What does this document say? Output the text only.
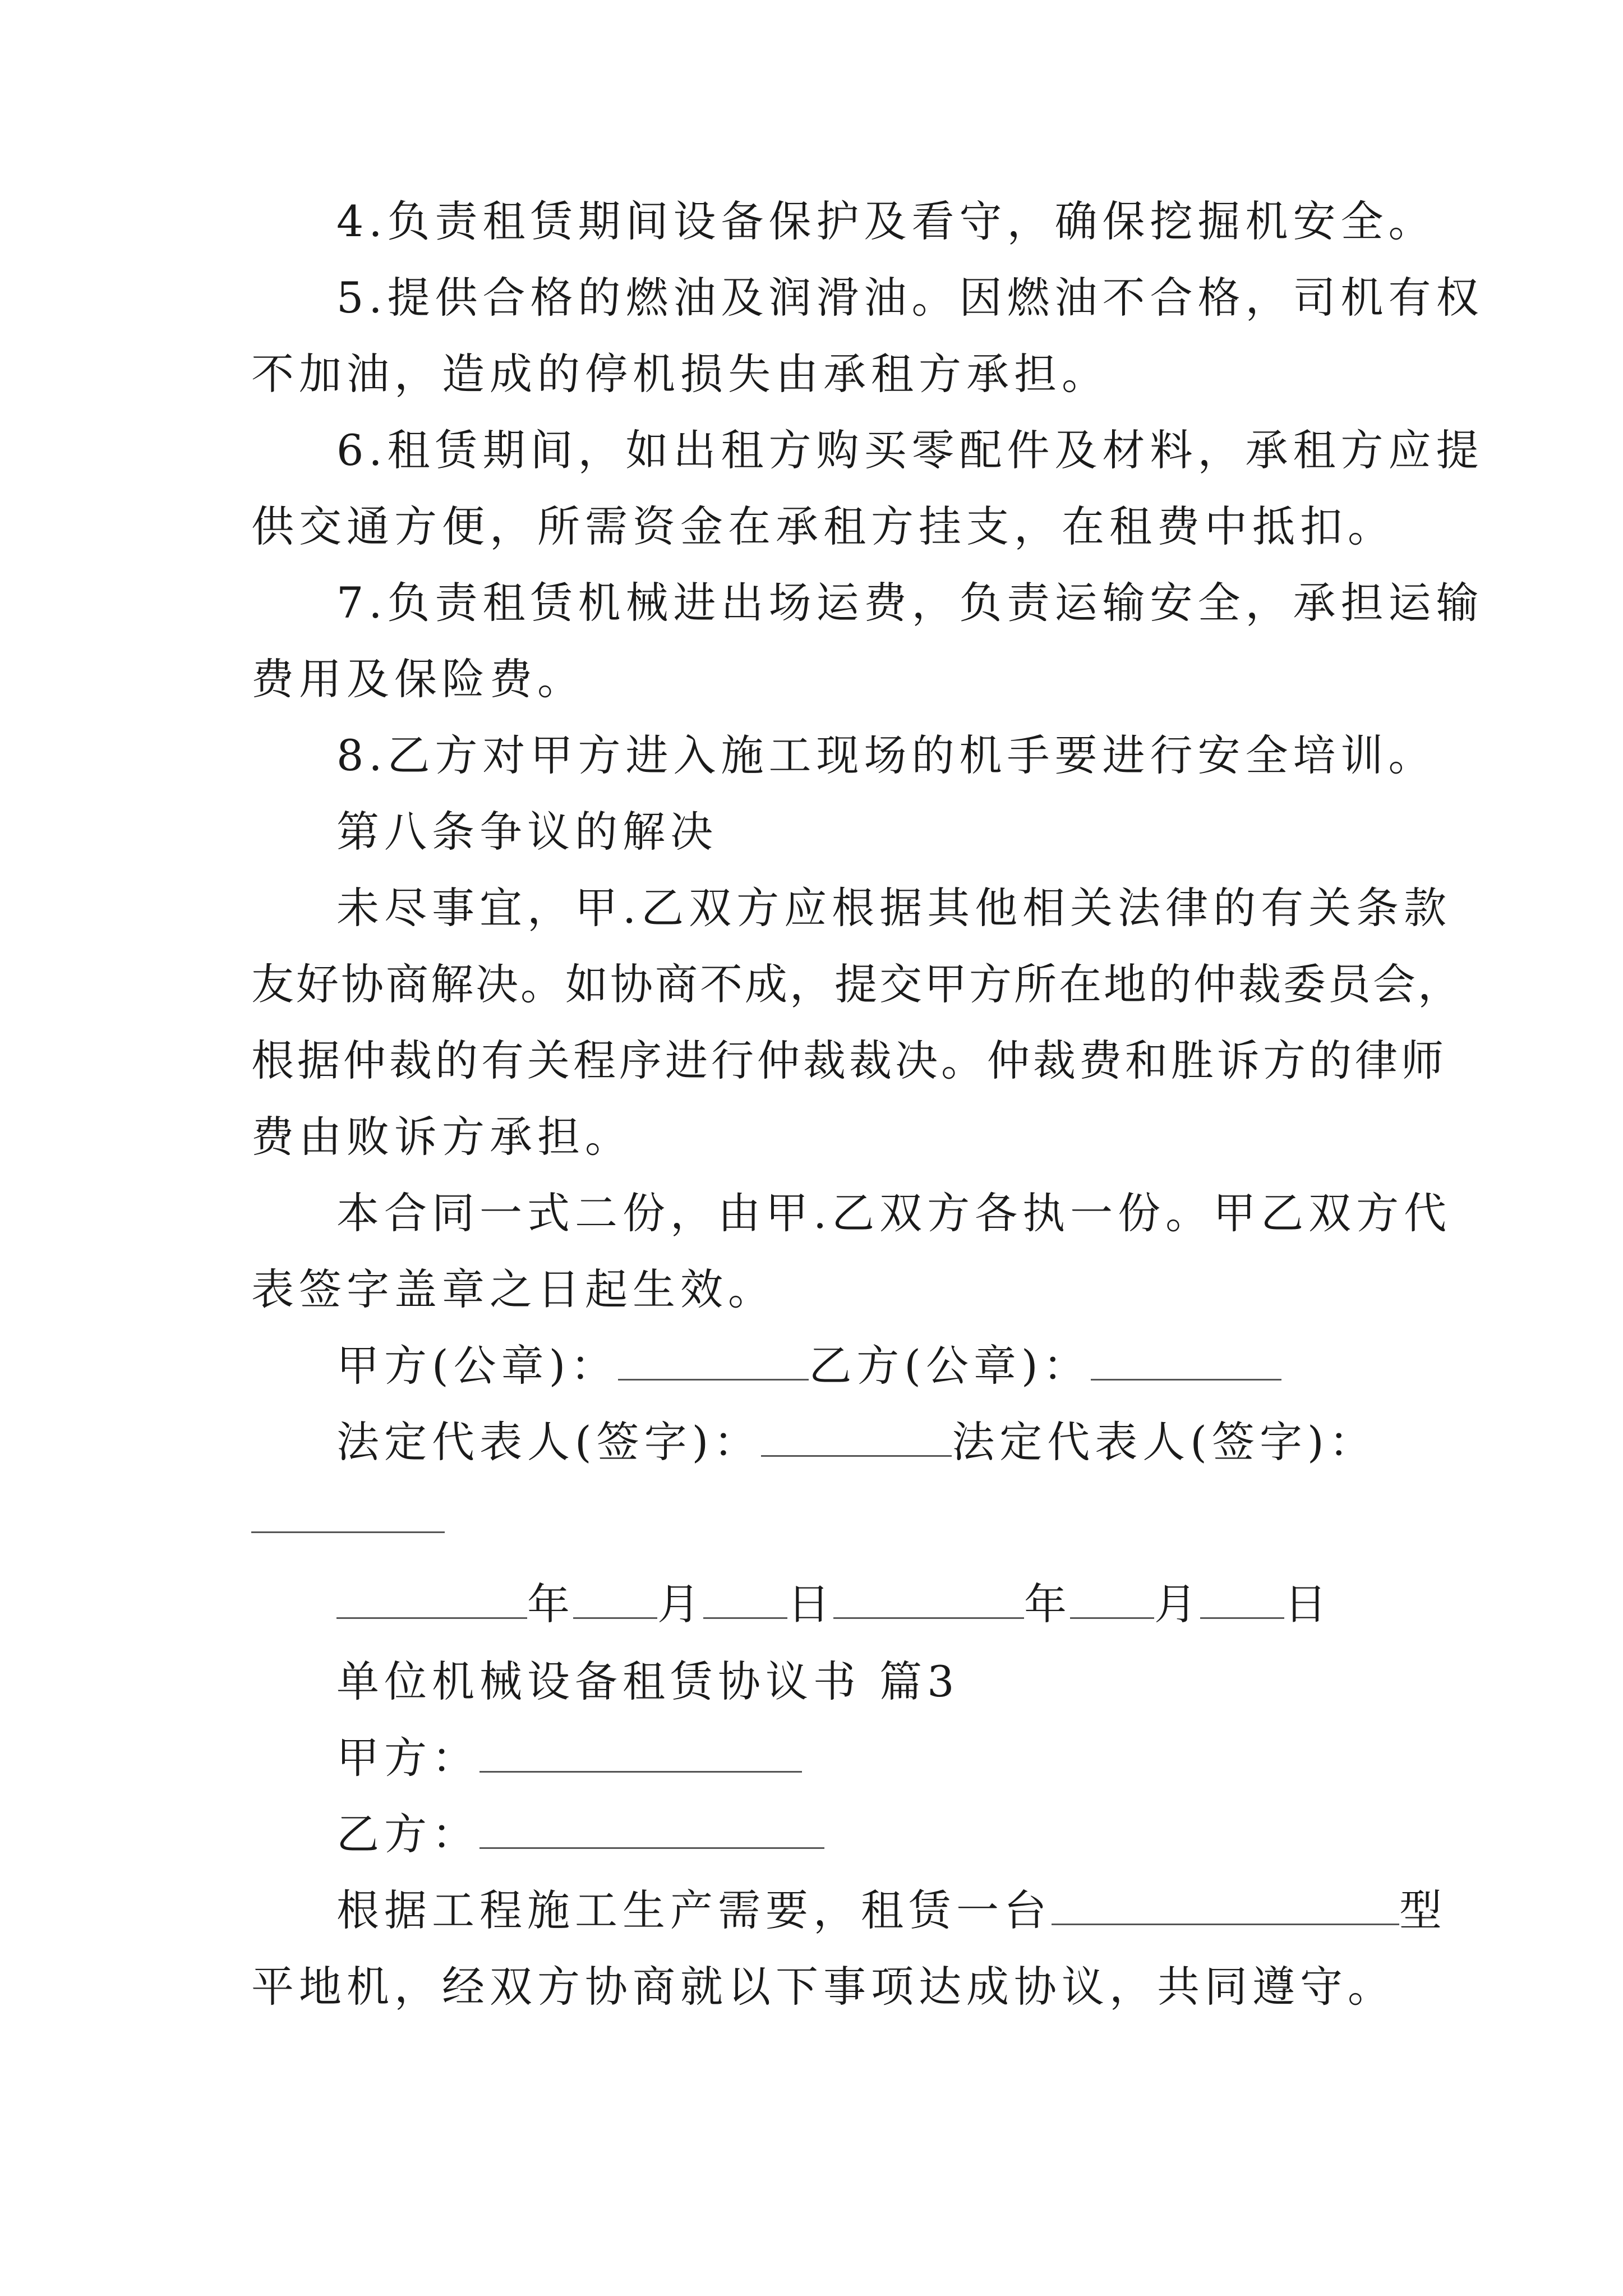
4.负责租赁期间设备保护及看守，确保挖掘机安全。
5.提供合格的燃油及润滑油。因燃油不合格，司机有权
不加油，造成的停机损失由承租方承担。
6.租赁期间，如出租方购买零配件及材料，承租方应提
供交通方便，所需资金在承租方挂支，在租费中抵扣。
7.负责租赁机械进出场运费，负责运输安全，承担运输
费用及保险费。
8.乙方对甲方进入施工现场的机手要进行安全培训。
第八条争议的解决
未尽事宜，甲.乙双方应根据其他相关法律的有关条款
友好协商解决。如协商不成，提交甲方所在地的仲裁委员会，
根据仲裁的有关程序进行仲裁裁决。仲裁费和胜诉方的律师
费由败诉方承担。
本合同一式二份，由甲.乙双方各执一份。甲乙双方代
表签字盖章之日起生效。
甲方(公章)：	乙方(公章)：
法定代表人(签字)：	法定代表人(签字)：
年 月 日	年 月 日
单位机械设备租赁协议书 篇3
甲方：
乙方：
根据工程施工生产需要，租赁一台	型
平地机，经双方协商就以下事项达成协议，共同遵守。
